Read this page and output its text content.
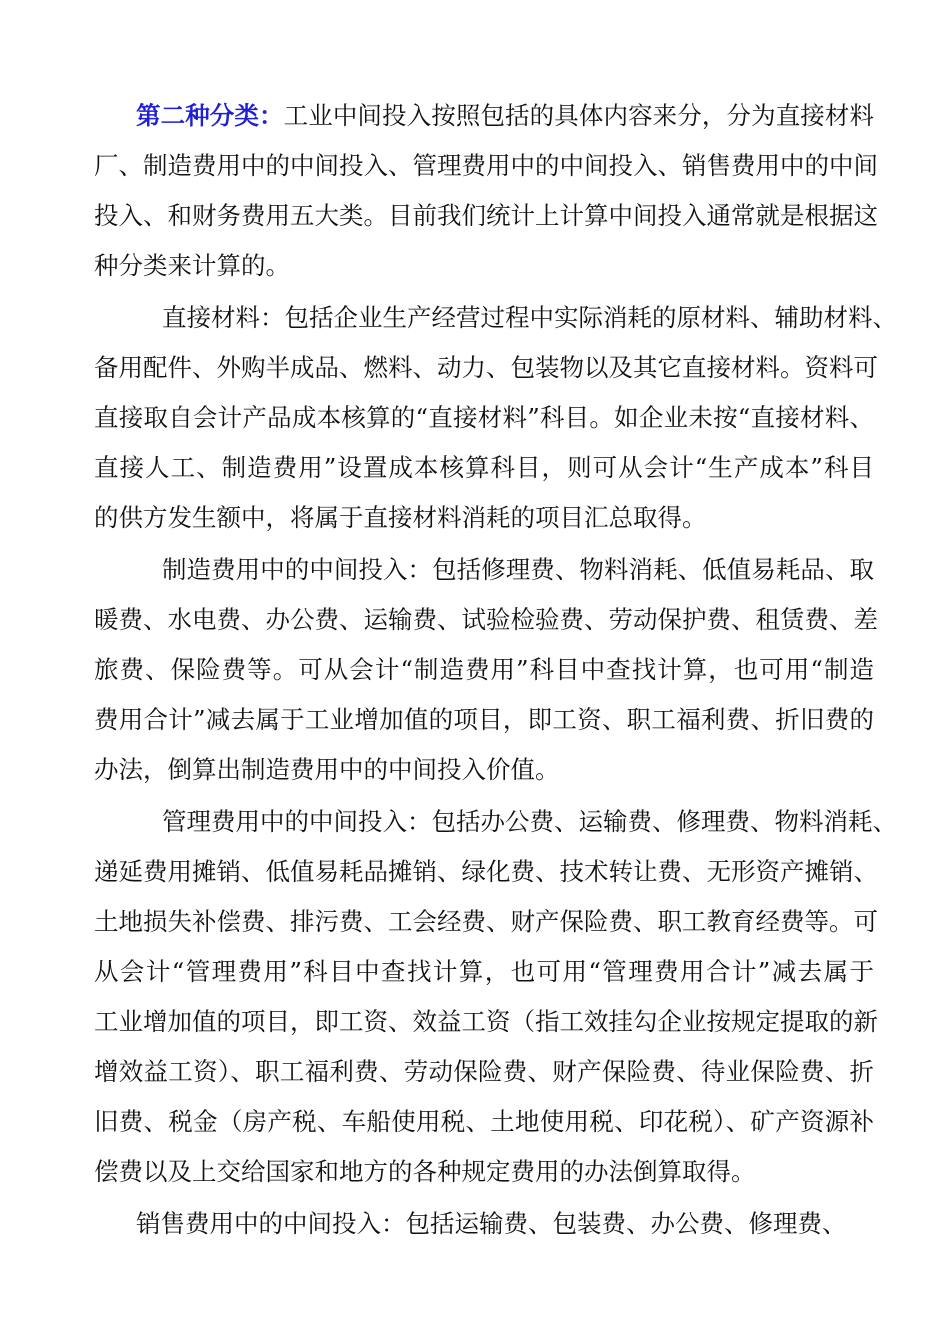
第二种分类：工业中间投入按照包括的具体内容来分，分为直接材料
厂、制造费用中的中间投入、管理费用中的中间投入、销售费用中的中间
投入、和财务费用五大类。目前我们统计上计算中间投入通常就是根据这
种分类来计算的。
直接材料：包括企业生产经营过程中实际消耗的原材料、辅助材料、
备用配件、外购半成品、燃料、动力、包装物以及其它直接材料。资料可
直接取自会计产品成本核算的“直接材料”科目。如企业未按“直接材料、
直接人工、制造费用”设置成本核算科目，则可从会计“生产成本”科目
的供方发生额中，将属于直接材料消耗的项目汇总取得。
制造费用中的中间投入：包括修理费、物料消耗、低值易耗品、取
暖费、水电费、办公费、运输费、试验检验费、劳动保护费、租赁费、差
旅费、保险费等。可从会计“制造费用”科目中查找计算，也可用“制造
费用合计”减去属于工业增加值的项目，即工资、职工福利费、折旧费的
办法，倒算出制造费用中的中间投入价值。
管理费用中的中间投入：包括办公费、运输费、修理费、物料消耗、
递延费用摊销、低值易耗品摊销、绿化费、技术转让费、无形资产摊销、
土地损失补偿费、排污费、工会经费、财产保险费、职工教育经费等。可
从会计“管理费用”科目中查找计算，也可用“管理费用合计”减去属于
工业增加值的项目，即工资、效益工资（指工效挂勾企业按规定提取的新
增效益工资）、职工福利费、劳动保险费、财产保险费、待业保险费、折
旧费、税金（房产税、车船使用税、土地使用税、印花税）、矿产资源补
偿费以及上交给国家和地方的各种规定费用的办法倒算取得。
销售费用中的中间投入：包括运输费、包装费、办公费、修理费、
